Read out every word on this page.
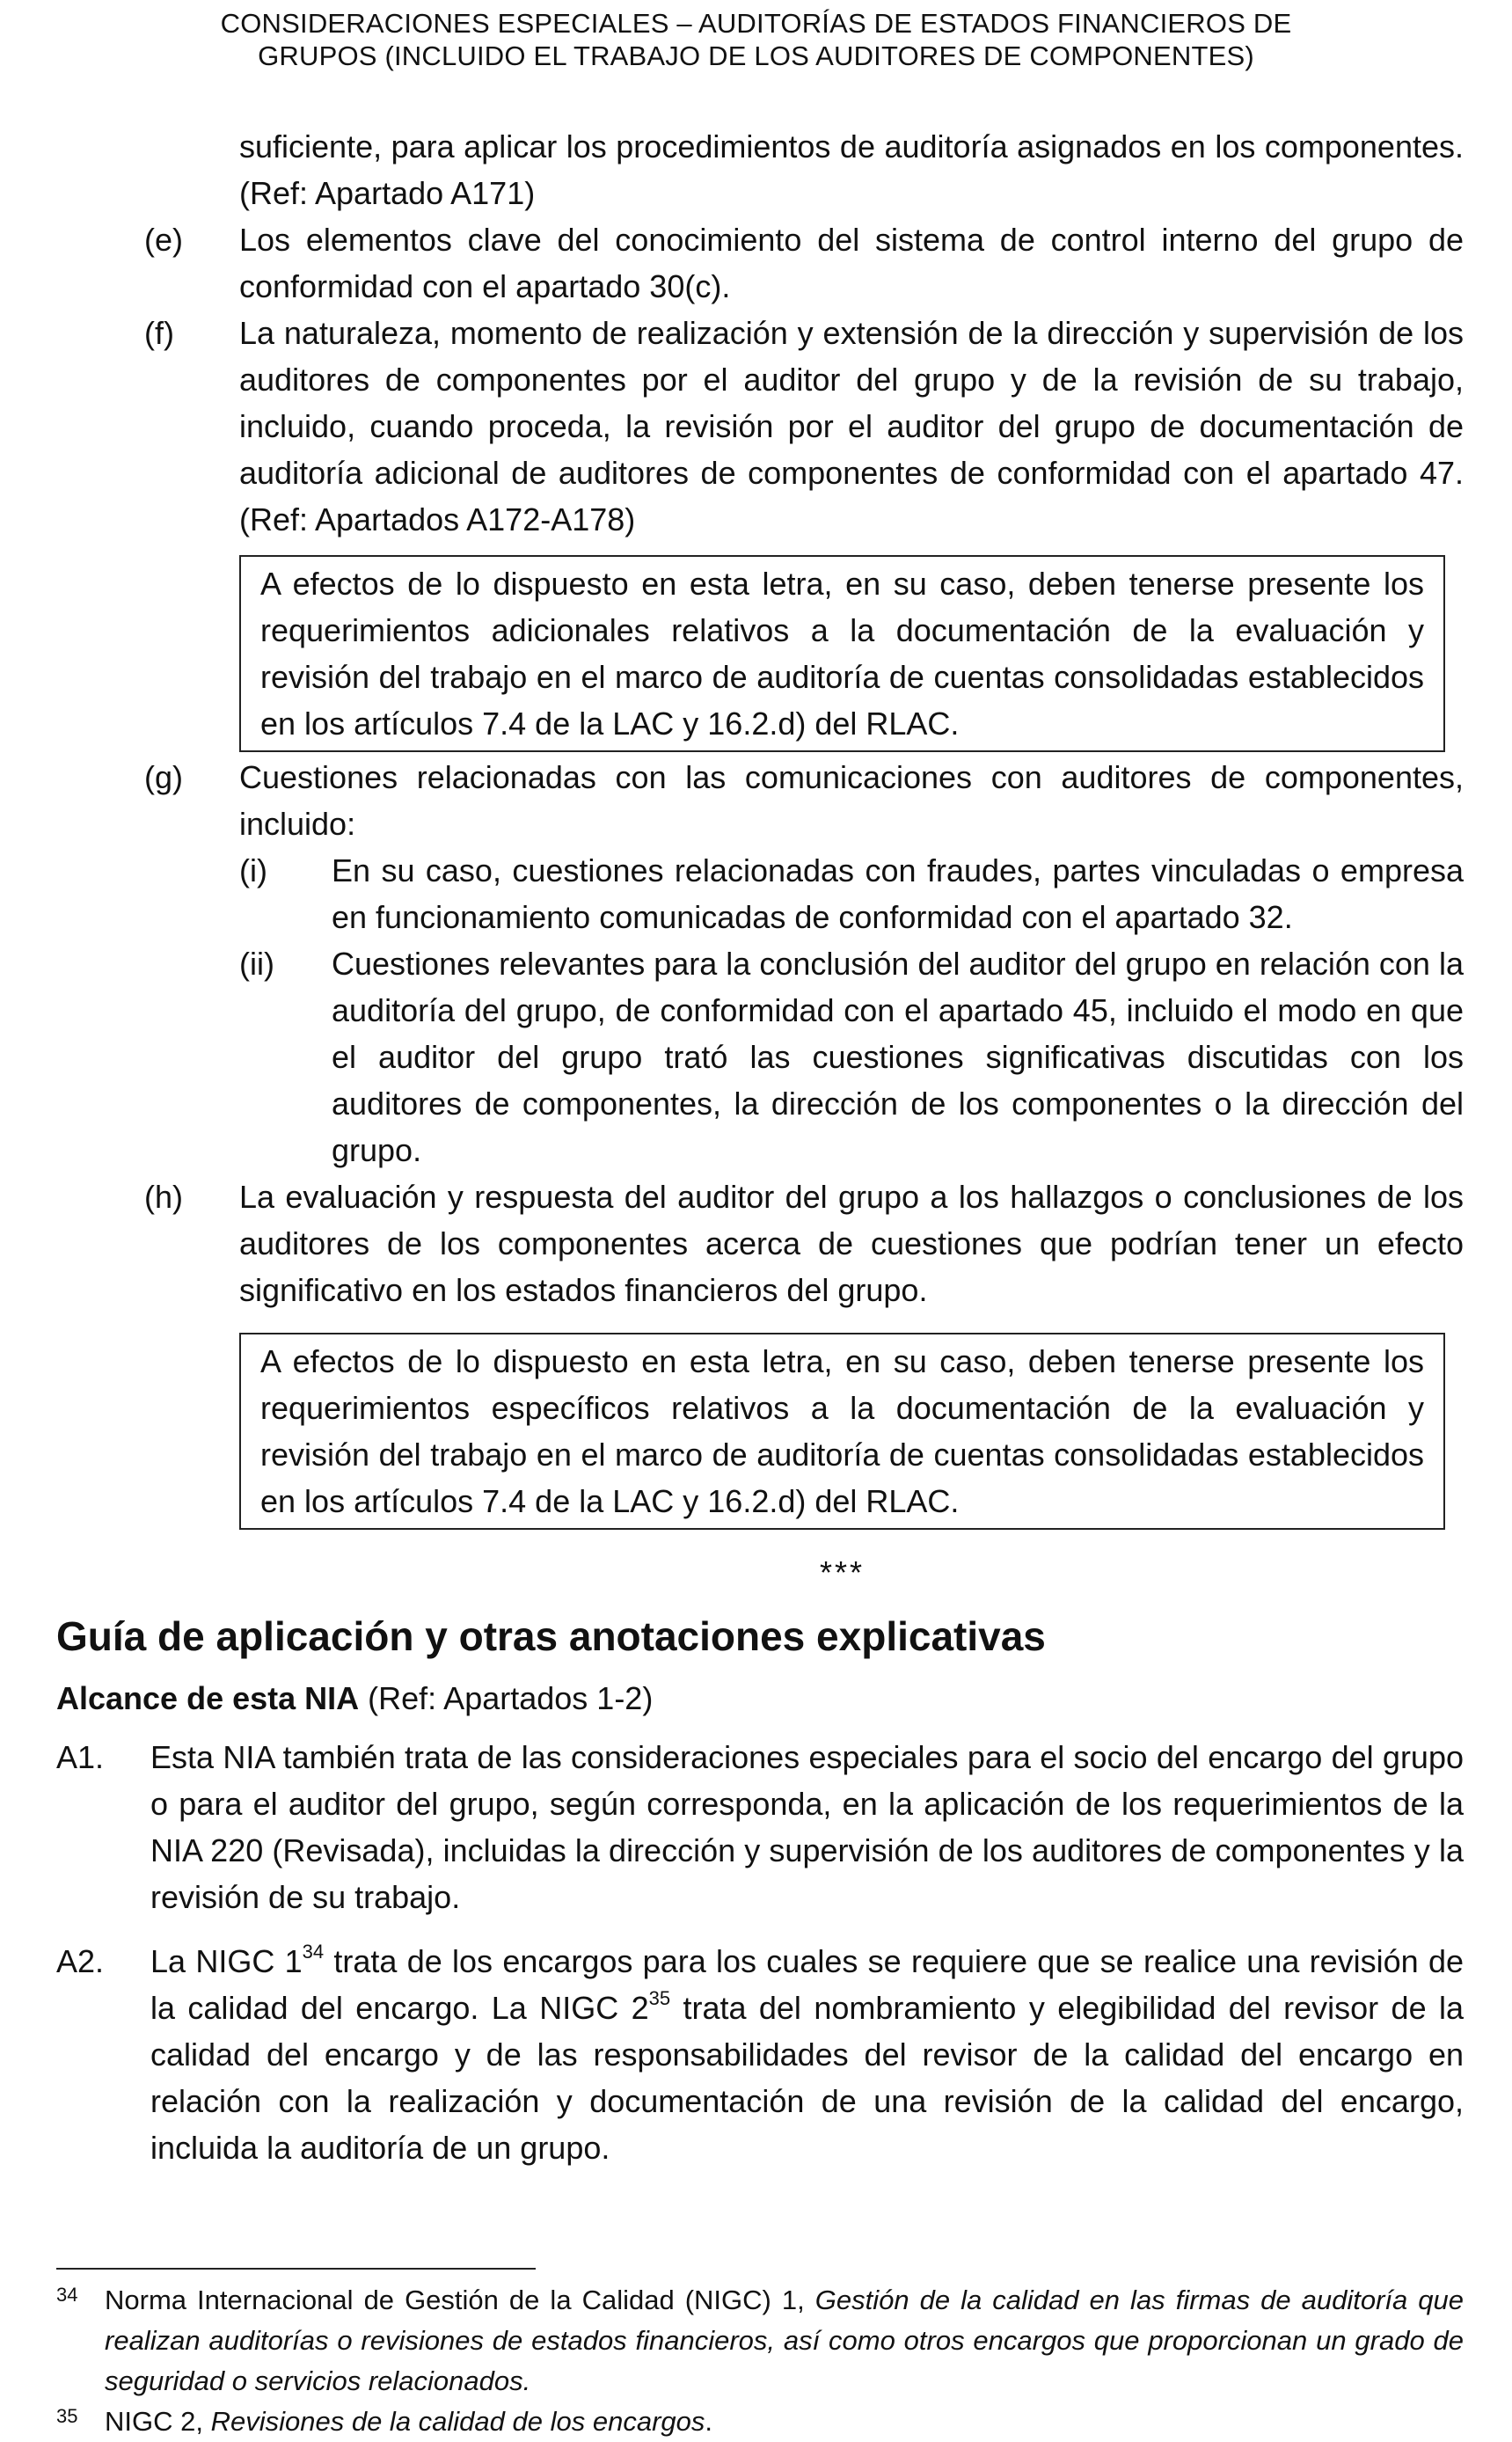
CONSIDERACIONES ESPECIALES – AUDITORÍAS DE ESTADOS FINANCIEROS DE
GRUPOS (INCLUIDO EL TRABAJO DE LOS AUDITORES DE COMPONENTES)
suficiente, para aplicar los procedimientos de auditoría asignados en los componentes. (Ref: Apartado A171)
(e)	Los elementos clave del conocimiento del sistema de control interno del grupo de conformidad con el apartado 30(c).
(f)	La naturaleza, momento de realización y extensión de la dirección y supervisión de los auditores de componentes por el auditor del grupo y de la revisión de su trabajo, incluido, cuando proceda, la revisión por el auditor del grupo de documentación de auditoría adicional de auditores de componentes de conformidad con el apartado 47. (Ref: Apartados A172-A178)
A efectos de lo dispuesto en esta letra, en su caso, deben tenerse presente los requerimientos adicionales relativos a la documentación de la evaluación y revisión del trabajo en el marco de auditoría de cuentas consolidadas establecidos en los artículos 7.4 de la LAC y 16.2.d) del RLAC.
(g)	Cuestiones relacionadas con las comunicaciones con auditores de componentes, incluido:
(i) En su caso, cuestiones relacionadas con fraudes, partes vinculadas o empresa en funcionamiento comunicadas de conformidad con el apartado 32.
(ii) Cuestiones relevantes para la conclusión del auditor del grupo en relación con la auditoría del grupo, de conformidad con el apartado 45, incluido el modo en que el auditor del grupo trató las cuestiones significativas discutidas con los auditores de componentes, la dirección de los componentes o la dirección del grupo.
(h)	La evaluación y respuesta del auditor del grupo a los hallazgos o conclusiones de los auditores de los componentes acerca de cuestiones que podrían tener un efecto significativo en los estados financieros del grupo.
A efectos de lo dispuesto en esta letra, en su caso, deben tenerse presente los requerimientos específicos relativos a la documentación de la evaluación y revisión del trabajo en el marco de auditoría de cuentas consolidadas establecidos en los artículos 7.4 de la LAC y 16.2.d) del RLAC.
***
Guía de aplicación y otras anotaciones explicativas
Alcance de esta NIA (Ref: Apartados 1-2)
A1. Esta NIA también trata de las consideraciones especiales para el socio del encargo del grupo o para el auditor del grupo, según corresponda, en la aplicación de los requerimientos de la NIA 220 (Revisada), incluidas la dirección y supervisión de los auditores de componentes y la revisión de su trabajo.
A2. La NIGC $1^{34}$ trata de los encargos para los cuales se requiere que se realice una revisión de la calidad del encargo. La NIGC $2^{35}$ trata del nombramiento y elegibilidad del revisor de la calidad del encargo y de las responsabilidades del revisor de la calidad del encargo en relación con la realización y documentación de una revisión de la calidad del encargo, incluida la auditoría de un grupo.
34 Norma Internacional de Gestión de la Calidad (NIGC) 1, Gestión de la calidad en las firmas de auditoría que realizan auditorías o revisiones de estados financieros, así como otros encargos que proporcionan un grado de seguridad o servicios relacionados.
35 NIGC 2, Revisiones de la calidad de los encargos.
